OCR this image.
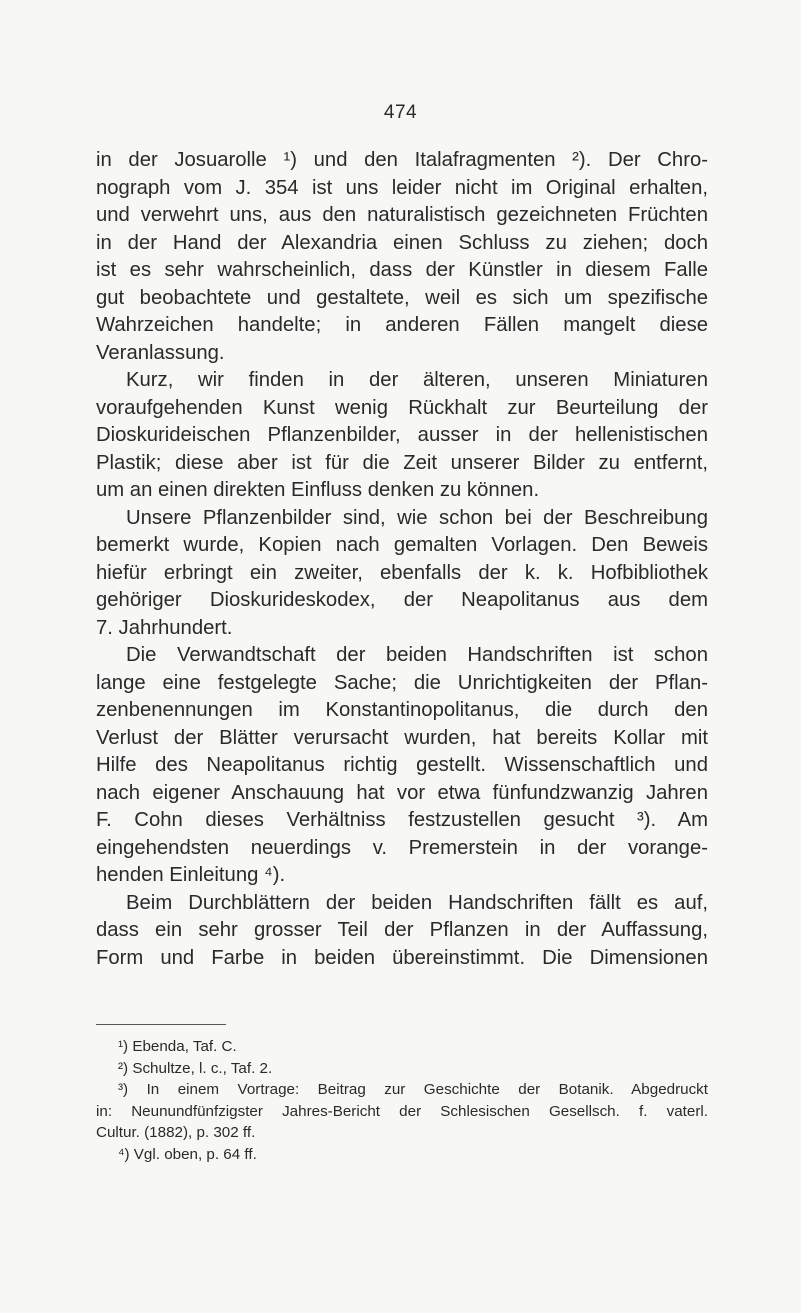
474
in der Josuarolle ¹) und den Italafragmenten ²). Der Chro-
nograph vom J. 354 ist uns leider nicht im Original erhalten,
und verwehrt uns, aus den naturalistisch gezeichneten Früchten
in der Hand der Alexandria einen Schluss zu ziehen; doch
ist es sehr wahrscheinlich, dass der Künstler in diesem Falle
gut beobachtete und gestaltete, weil es sich um spezifische
Wahrzeichen handelte; in anderen Fällen mangelt diese
Veranlassung.
Kurz, wir finden in der älteren, unseren Miniaturen
voraufgehenden Kunst wenig Rückhalt zur Beurteilung der
Dioskurideischen Pflanzenbilder, ausser in der hellenistischen
Plastik; diese aber ist für die Zeit unserer Bilder zu entfernt,
um an einen direkten Einfluss denken zu können.
Unsere Pflanzenbilder sind, wie schon bei der Beschreibung
bemerkt wurde, Kopien nach gemalten Vorlagen. Den Beweis
hiefür erbringt ein zweiter, ebenfalls der k. k. Hofbibliothek
gehöriger Dioskurideskodex, der Neapolitanus aus dem
7. Jahrhundert.
Die Verwandtschaft der beiden Handschriften ist schon
lange eine festgelegte Sache; die Unrichtigkeiten der Pflan-
zenbenennungen im Konstantinopolitanus, die durch den
Verlust der Blätter verursacht wurden, hat bereits Kollar mit
Hilfe des Neapolitanus richtig gestellt. Wissenschaftlich und
nach eigener Anschauung hat vor etwa fünfundzwanzig Jahren
F. Cohn dieses Verhältniss festzustellen gesucht ³). Am
eingehendsten neuerdings v. Premerstein in der vorange-
henden Einleitung ⁴).
Beim Durchblättern der beiden Handschriften fällt es auf,
dass ein sehr grosser Teil der Pflanzen in der Auffassung,
Form und Farbe in beiden übereinstimmt. Die Dimensionen
¹) Ebenda, Taf. C.
²) Schultze, l. c., Taf. 2.
³) In einem Vortrage: Beitrag zur Geschichte der Botanik. Abgedruckt
in: Neunundfünfzigster Jahres-Bericht der Schlesischen Gesellsch. f. vaterl.
Cultur. (1882), p. 302 ff.
⁴) Vgl. oben, p. 64 ff.
